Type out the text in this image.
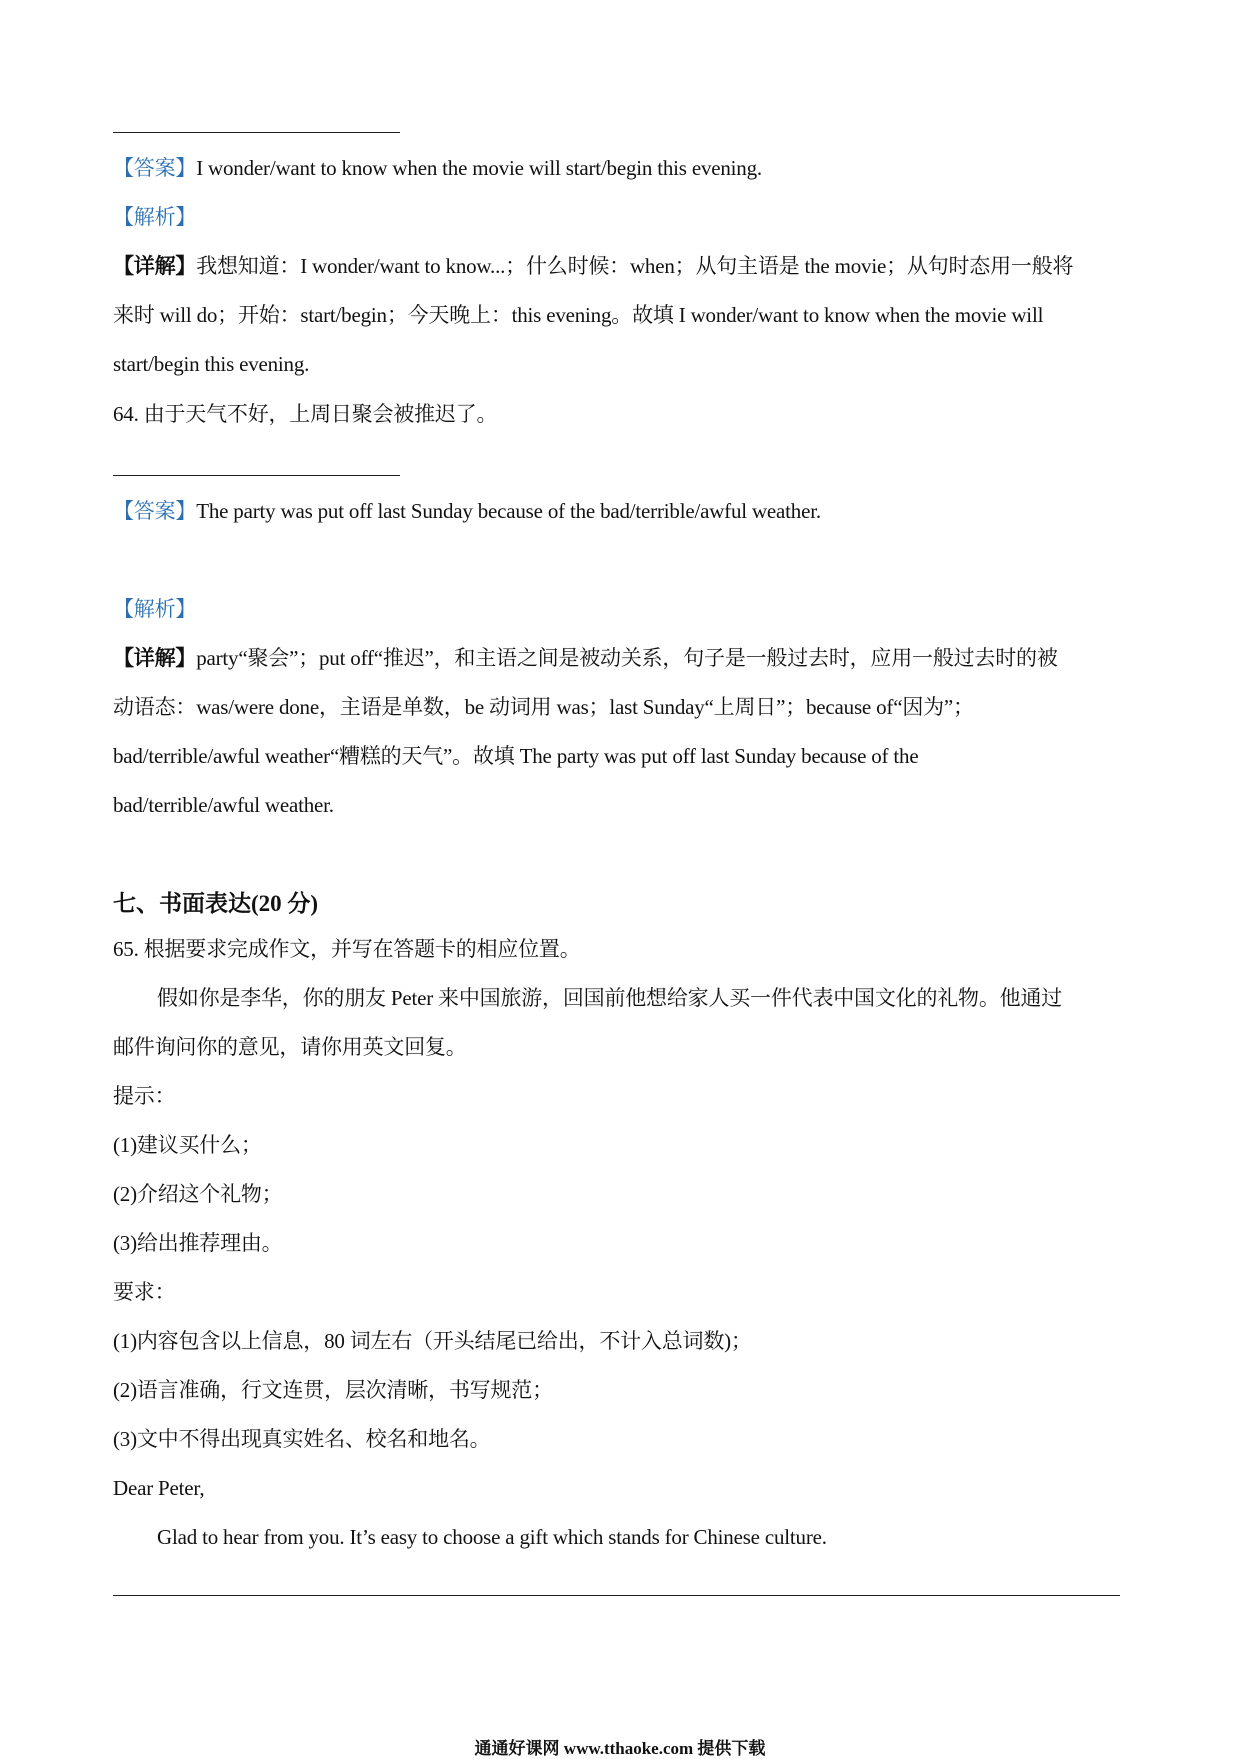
【答案】I wonder/want to know when the movie will start/begin this evening.
【解析】
【详解】我想知道：I wonder/want to know...；什么时候：when；从句主语是 the movie；从句时态用一般将
来时 will do；开始：start/begin；今天晚上：this evening。故填 I wonder/want to know when the movie will
start/begin this evening.
64. 由于天气不好，上周日聚会被推迟了。
【答案】The party was put off last Sunday because of the bad/terrible/awful weather.
【解析】
【详解】party“聚会”；put off“推迟”，和主语之间是被动关系，句子是一般过去时，应用一般过去时的被
动语态：was/were done，主语是单数，be 动词用 was；last Sunday“上周日”；because of“因为”；
bad/terrible/awful weather“糟糕的天气”。故填 The party was put off last Sunday because of the
bad/terrible/awful weather.
七、书面表达(20 分)
65. 根据要求完成作文，并写在答题卡的相应位置。
假如你是李华，你的朋友 Peter 来中国旅游，回国前他想给家人买一件代表中国文化的礼物。他通过
邮件询问你的意见，请你用英文回复。
提示：
(1)建议买什么；
(2)介绍这个礼物；
(3)给出推荐理由。
要求：
(1)内容包含以上信息，80 词左右（开头结尾已给出，不计入总词数)；
(2)语言准确，行文连贯，层次清晰，书写规范；
(3)文中不得出现真实姓名、校名和地名。
Dear Peter,
Glad to hear from you. It’s easy to choose a gift which stands for Chinese culture.
通通好课网 www.tthaoke.com 提供下载
